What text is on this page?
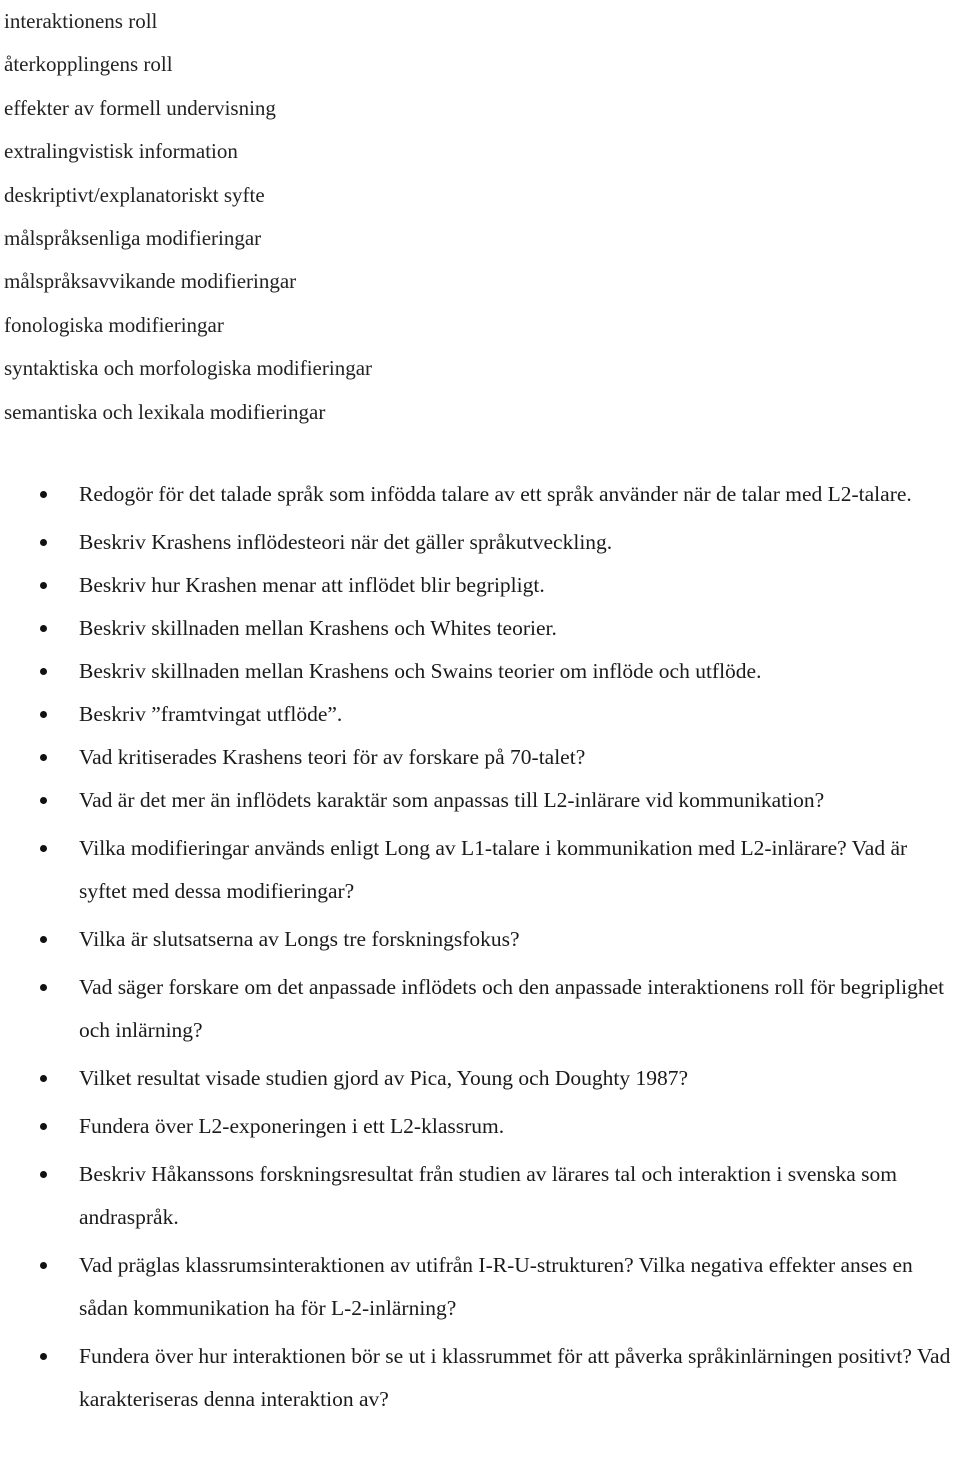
interaktionens roll
återkopplingens roll
effekter av formell undervisning
extralingvistisk information
deskriptivt/explanatoriskt syfte
målspråksenliga modifieringar
målspråksavvikande modifieringar
fonologiska modifieringar
syntaktiska och morfologiska modifieringar
semantiska och lexikala modifieringar
Redogör för det talade språk som infödda talare av ett språk använder när de talar med L2-talare.
Beskriv Krashens inflödesteori när det gäller språkutveckling.
Beskriv hur Krashen menar att inflödet blir begripligt.
Beskriv skillnaden mellan Krashens och Whites teorier.
Beskriv skillnaden mellan Krashens och Swains teorier om inflöde och utflöde.
Beskriv ”framtvingat utflöde”.
Vad kritiserades Krashens teori för av forskare på 70-talet?
Vad är det mer än inflödets karaktär som anpassas till L2-inlärare vid kommunikation?
Vilka modifieringar används enligt Long av L1-talare i kommunikation med L2-inlärare? Vad är syftet med dessa modifieringar?
Vilka är slutsatserna av Longs tre forskningsfokus?
Vad säger forskare om det anpassade inflödets och den anpassade interaktionens roll för begriplighet och inlärning?
Vilket resultat visade studien gjord av Pica, Young och Doughty 1987?
Fundera över L2-exponeringen i ett L2-klassrum.
Beskriv Håkanssons forskningsresultat från studien av lärares tal och interaktion i svenska som andraspråk.
Vad präglas klassrumsinteraktionen av utifrån I-R-U-strukturen? Vilka negativa effekter anses en sådan kommunikation ha för L-2-inlärning?
Fundera över hur interaktionen bör se ut i klassrummet för att påverka språkinlärningen positivt? Vad karakteriseras denna interaktion av?
